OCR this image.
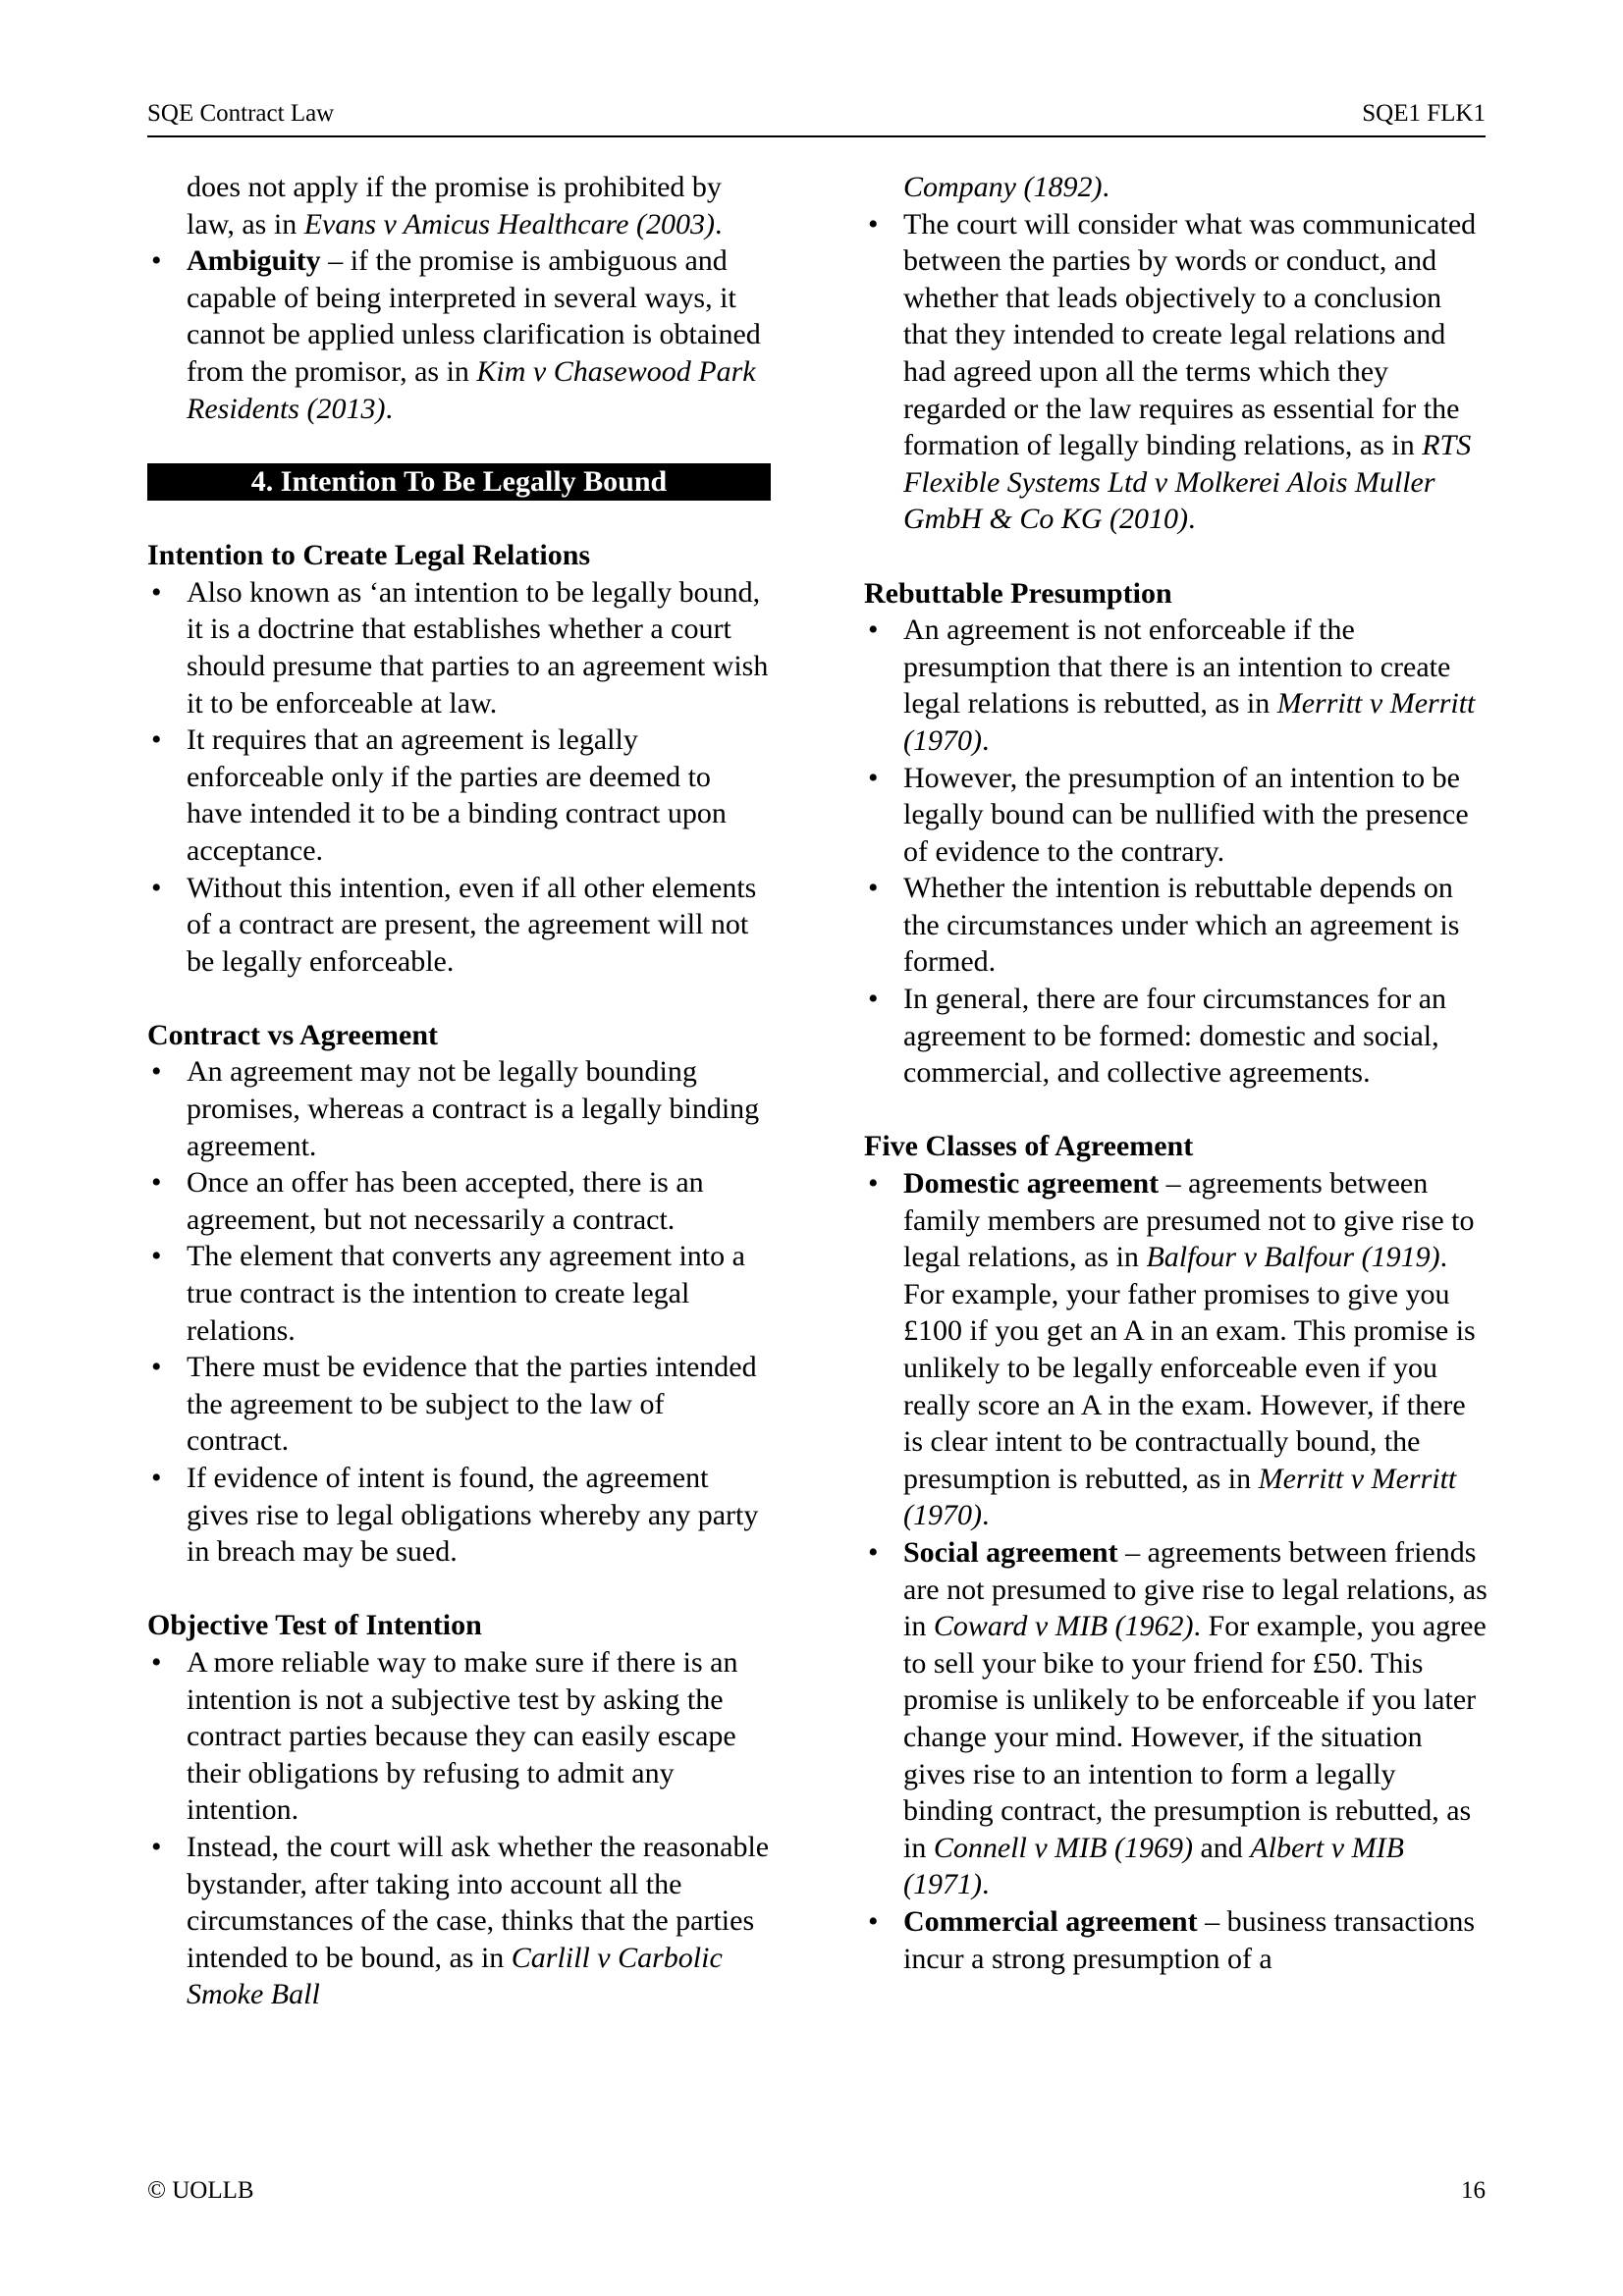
SQE Contract Law	SQE1 FLK1
does not apply if the promise is prohibited by law, as in Evans v Amicus Healthcare (2003).
• Ambiguity – if the promise is ambiguous and capable of being interpreted in several ways, it cannot be applied unless clarification is obtained from the promisor, as in Kim v Chasewood Park Residents (2013).
4. Intention To Be Legally Bound
Intention to Create Legal Relations
• Also known as ‘an intention to be legally bound, it is a doctrine that establishes whether a court should presume that parties to an agreement wish it to be enforceable at law.
• It requires that an agreement is legally enforceable only if the parties are deemed to have intended it to be a binding contract upon acceptance.
• Without this intention, even if all other elements of a contract are present, the agreement will not be legally enforceable.
Contract vs Agreement
• An agreement may not be legally bounding promises, whereas a contract is a legally binding agreement.
• Once an offer has been accepted, there is an agreement, but not necessarily a contract.
• The element that converts any agreement into a true contract is the intention to create legal relations.
• There must be evidence that the parties intended the agreement to be subject to the law of contract.
• If evidence of intent is found, the agreement gives rise to legal obligations whereby any party in breach may be sued.
Objective Test of Intention
• A more reliable way to make sure if there is an intention is not a subjective test by asking the contract parties because they can easily escape their obligations by refusing to admit any intention.
• Instead, the court will ask whether the reasonable bystander, after taking into account all the circumstances of the case, thinks that the parties intended to be bound, as in Carlill v Carbolic Smoke Ball
Company (1892).
• The court will consider what was communicated between the parties by words or conduct, and whether that leads objectively to a conclusion that they intended to create legal relations and had agreed upon all the terms which they regarded or the law requires as essential for the formation of legally binding relations, as in RTS Flexible Systems Ltd v Molkerei Alois Muller GmbH & Co KG (2010).
Rebuttable Presumption
• An agreement is not enforceable if the presumption that there is an intention to create legal relations is rebutted, as in Merritt v Merritt (1970).
• However, the presumption of an intention to be legally bound can be nullified with the presence of evidence to the contrary.
• Whether the intention is rebuttable depends on the circumstances under which an agreement is formed.
• In general, there are four circumstances for an agreement to be formed: domestic and social, commercial, and collective agreements.
Five Classes of Agreement
• Domestic agreement – agreements between family members are presumed not to give rise to legal relations, as in Balfour v Balfour (1919). For example, your father promises to give you £100 if you get an A in an exam. This promise is unlikely to be legally enforceable even if you really score an A in the exam. However, if there is clear intent to be contractually bound, the presumption is rebutted, as in Merritt v Merritt (1970).
• Social agreement – agreements between friends are not presumed to give rise to legal relations, as in Coward v MIB (1962). For example, you agree to sell your bike to your friend for £50. This promise is unlikely to be enforceable if you later change your mind. However, if the situation gives rise to an intention to form a legally binding contract, the presumption is rebutted, as in Connell v MIB (1969) and Albert v MIB (1971).
• Commercial agreement – business transactions incur a strong presumption of a
© UOLLB	16
